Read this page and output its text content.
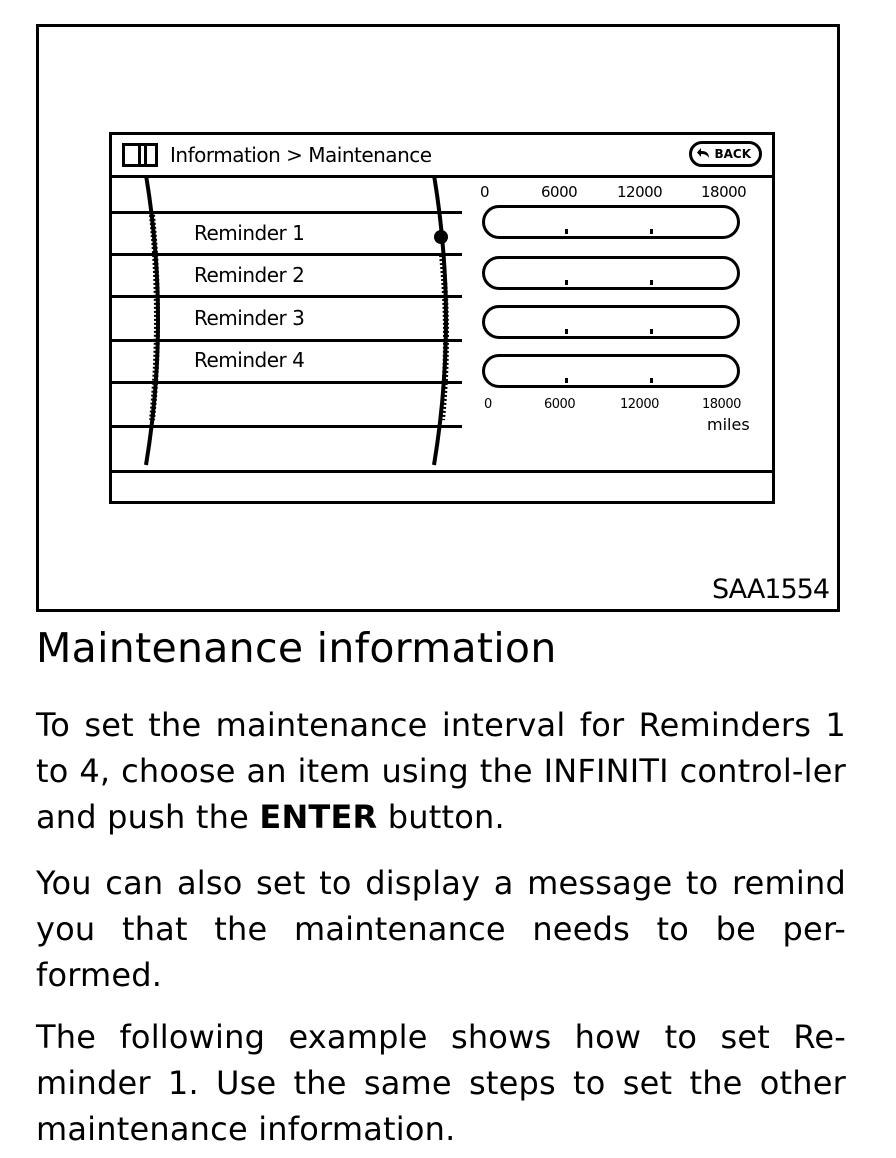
Information > Maintenance	BACK
Reminder 1
Reminder 2
Reminder 3
Reminder 4
0	6000	12000	18000
0	6000	12000	18000
miles
SAA1554
Maintenance information

To set the maintenance interval for Reminders 1 to 4, choose an item using the INFINITI control-ler and push the ENTER button.

You can also set to display a message to remind you that the maintenance needs to be per-formed.

The following example shows how to set Re-minder 1. Use the same steps to set the other maintenance information.
